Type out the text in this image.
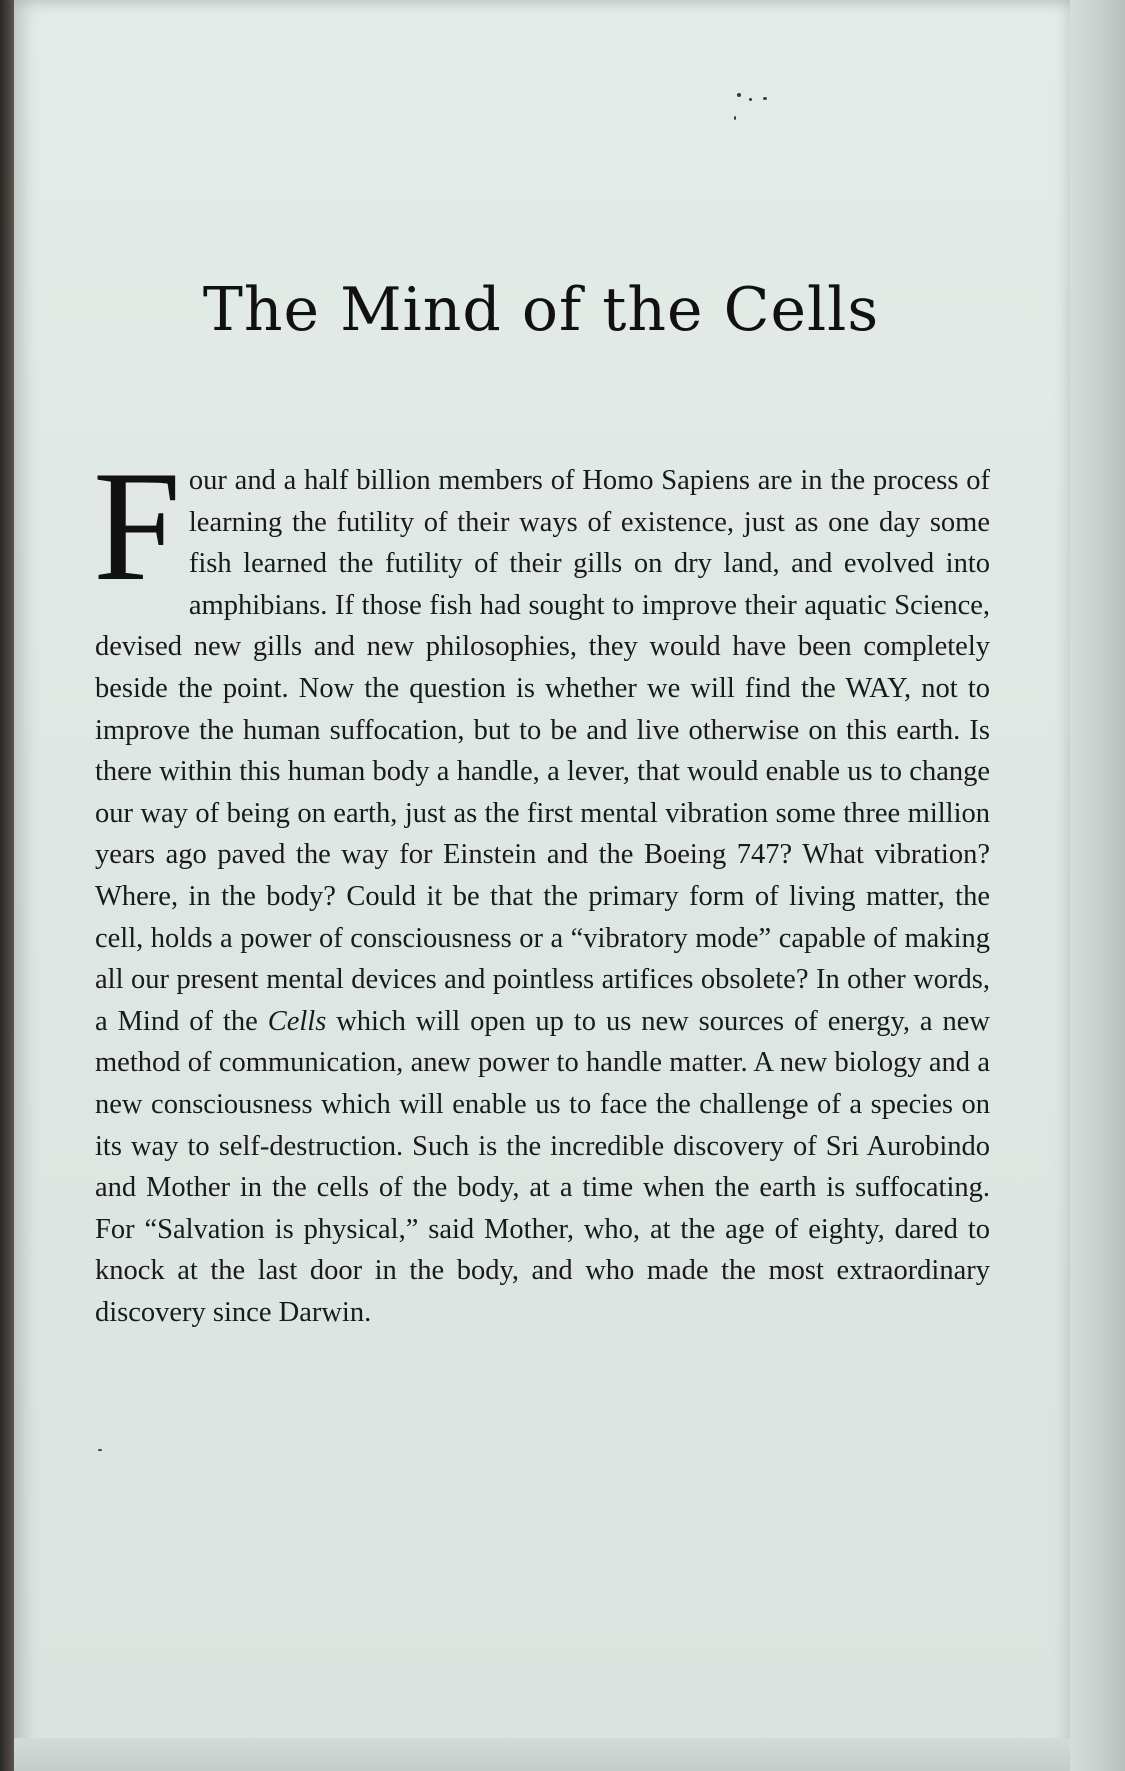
The Mind of the Cells

Four and a half billion members of Homo Sapiens are in the process of learning the futility of their ways of existence, just as one day some fish learned the futility of their gills on dry land, and evolved into amphibians. If those fish had sought to improve their aquatic Science, devised new gills and new philosophies, they would have been completely beside the point. Now the question is whether we will find the WAY, not to improve the human suffocation, but to be and live otherwise on this earth. Is there within this human body a handle, a lever, that would enable us to change our way of being on earth, just as the first mental vibration some three million years ago paved the way for Einstein and the Boeing 747? What vibration? Where, in the body? Could it be that the primary form of living matter, the cell, holds a power of consciousness or a “vibratory mode” capable of making all our present mental devices and pointless artifices obsolete? In other words, a Mind of the Cells which will open up to us new sources of energy, a new method of communication, anew power to handle matter. A new biology and a new consciousness which will enable us to face the challenge of a species on its way to self-destruction. Such is the incredible discovery of Sri Aurobindo and Mother in the cells of the body, at a time when the earth is suffocating. For “Salvation is physical,” said Mother, who, at the age of eighty, dared to knock at the last door in the body, and who made the most extraordinary discovery since Darwin.
